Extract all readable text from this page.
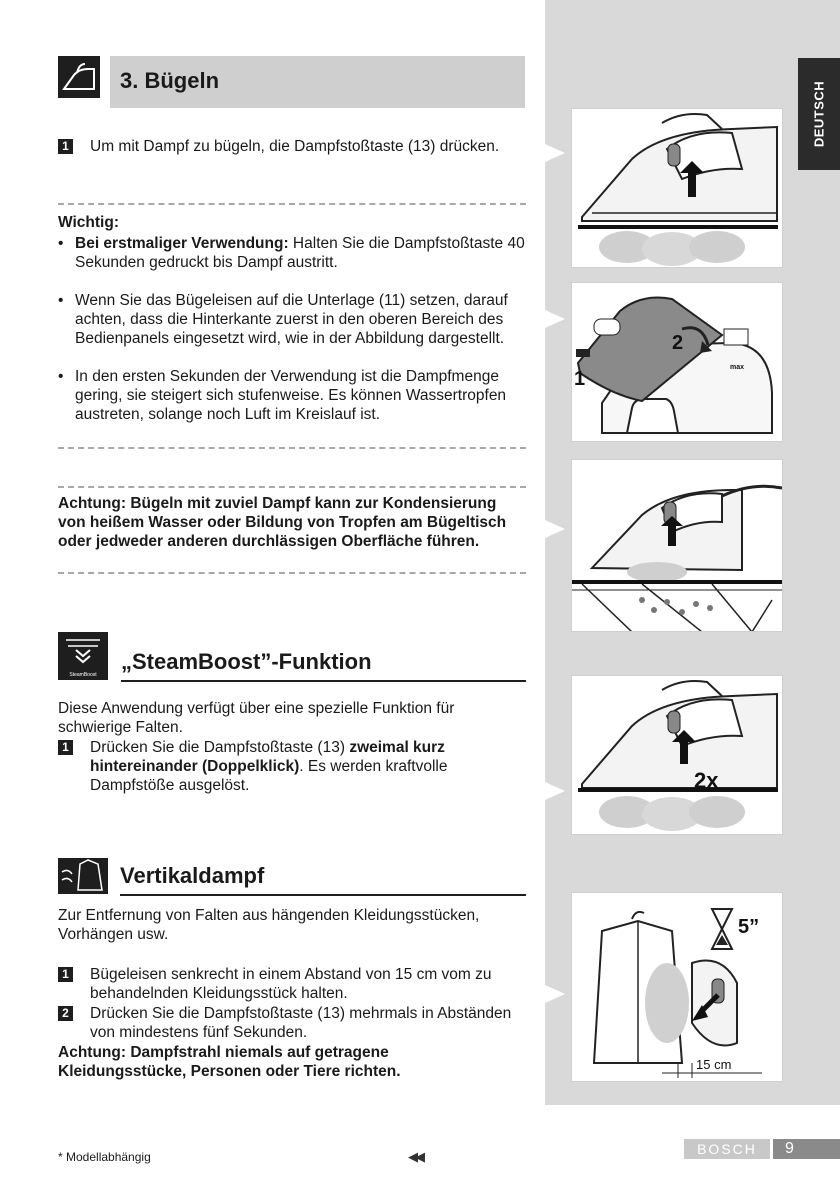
DEUTSCH
2
1
max
2x
5”
15 cm
3. Bügeln
1 Um mit Dampf zu bügeln, die Dampfstoßtaste (13) drücken.
Wichtig:
• Bei erstmaliger Verwendung: Halten Sie die Dampfstoßtaste 40 Sekunden gedruckt bis Dampf austritt.
• Wenn Sie das Bügeleisen auf die Unterlage (11) setzen, darauf achten, dass die Hinterkante zuerst in den oberen Bereich des Bedienpanels eingesetzt wird, wie in der Abbildung dargestellt.
• In den ersten Sekunden der Verwendung ist die Dampfmenge gering, sie steigert sich stufenweise. Es können Wassertropfen austreten, solange noch Luft im Kreislauf ist.
Achtung: Bügeln mit zuviel Dampf kann zur Kondensierung von heißem Wasser oder Bildung von Tropfen am Bügeltisch oder jedweder anderen durchlässigen Oberfläche führen.
SteamBoost
„SteamBoost”-Funktion
Diese Anwendung verfügt über eine spezielle Funktion für schwierige Falten.
1 Drücken Sie die Dampfstoßtaste (13) zweimal kurz hintereinander (Doppelklick). Es werden kraftvolle Dampfstöße ausgelöst.
Vertikaldampf
Zur Entfernung von Falten aus hängenden Kleidungsstücken, Vorhängen usw.
1 Bügeleisen senkrecht in einem Abstand von 15 cm vom zu behandelnden Kleidungsstück halten.
2 Drücken Sie die Dampfstoßtaste (13) mehrmals in Abständen von mindestens fünf Sekunden.
Achtung: Dampfstrahl niemals auf getragene Kleidungsstücke, Personen oder Tiere richten.
* Modellabhängig	◀◀	BOSCH	9
